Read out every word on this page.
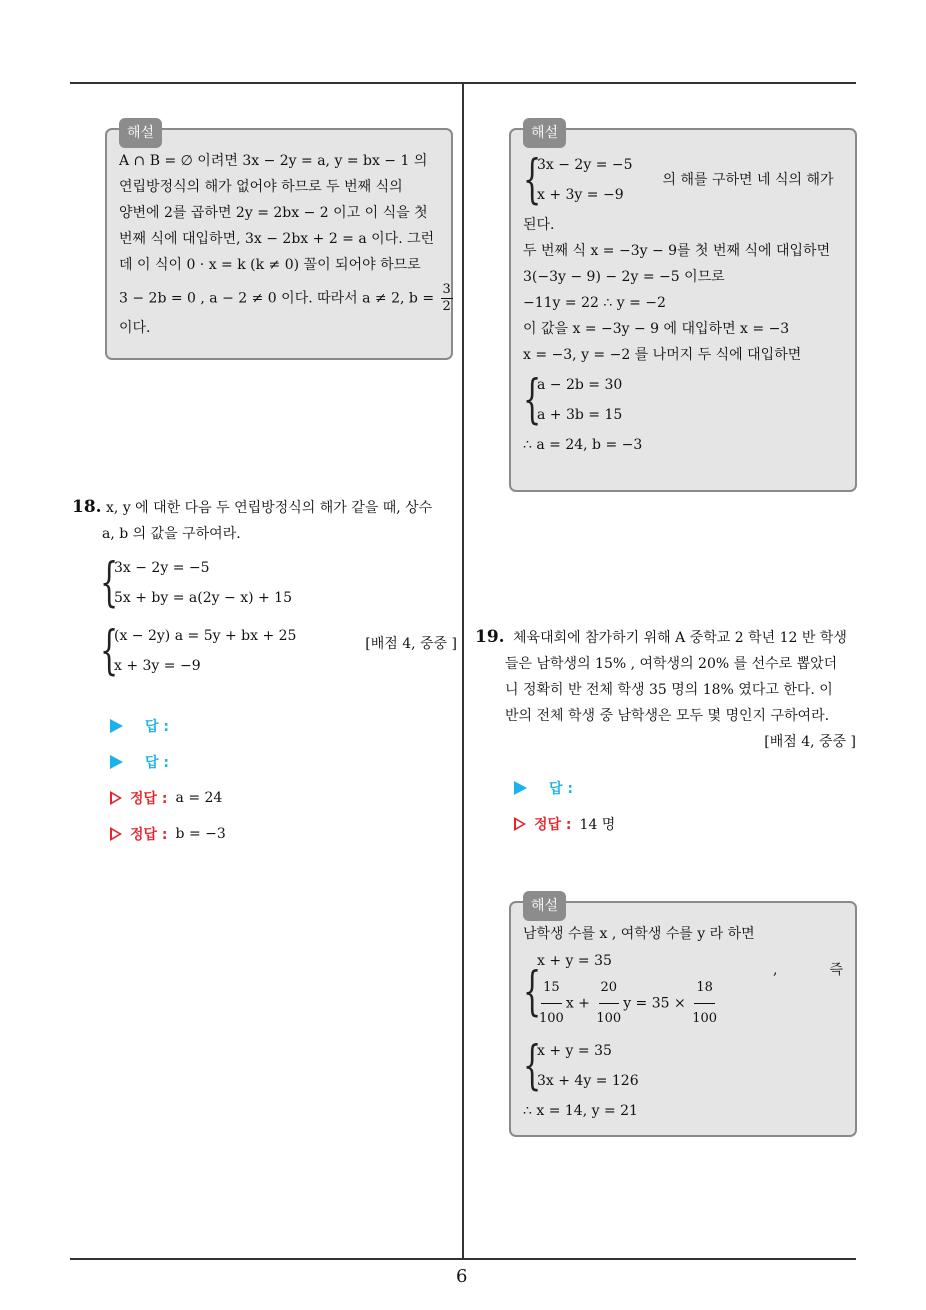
해설
A ∩ B = ∅ 이려면 3x − 2y = a, y = bx − 1 의
연립방정식의 해가 없어야 하므로 두 번째 식의
양변에 2를 곱하면 2y = 2bx − 2 이고 이 식을 첫
번째 식에 대입하면, 3x − 2bx + 2 = a 이다. 그런
데 이 식이 0 · x = k (k ≠ 0) 꼴이 되어야 하므로
3 − 2b = 0 , a − 2 ≠ 0 이다. 따라서 a ≠ 2, $b = \frac{3}{2}$
이다.
18. x, y 에 대한 다음 두 연립방정식의 해가 같을 때, 상수
a, b 의 값을 구하여라.
{
3x − 2y = −5
5x + by = a(2y − x) + 15
{
(x − 2y) a = 5y + bx + 25
x + 3y = −9
[배점 4, 중중 ]
답 :
답 :
정답 : a = 24
정답 : b = −3
해설
{
3x − 2y = −5
x + 3y = −9
의 해를 구하면 네 식의 해가
된다.
두 번째 식 x = −3y − 9를 첫 번째 식에 대입하면
3(−3y − 9) − 2y = −5 이므로
−11y = 22 ∴ y = −2
이 값을 x = −3y − 9 에 대입하면 x = −3
x = −3, y = −2 를 나머지 두 식에 대입하면
{
a − 2b = 30
a + 3b = 15
∴ a = 24, b = −3
19. 체육대회에 참가하기 위해 A 중학교 2 학년 12 반 학생
들은 남학생의 15% , 여학생의 20% 를 선수로 뽑았더
니 정확히 반 전체 학생 35 명의 18% 였다고 한다. 이
반의 전체 학생 중 남학생은 모두 몇 명인지 구하여라.
[배점 4, 중중 ]
답 :
정답 : 14 명
해설
남학생 수를 x , 여학생 수를 y 라 하면
{
x + y = 35
$\frac{15}{100}$ $x + \frac{20}{100}$ $y = 35 \times \frac{18}{100}$
,	즉
{
x + y = 35
3x + 4y = 126
∴ x = 14, y = 21
6
